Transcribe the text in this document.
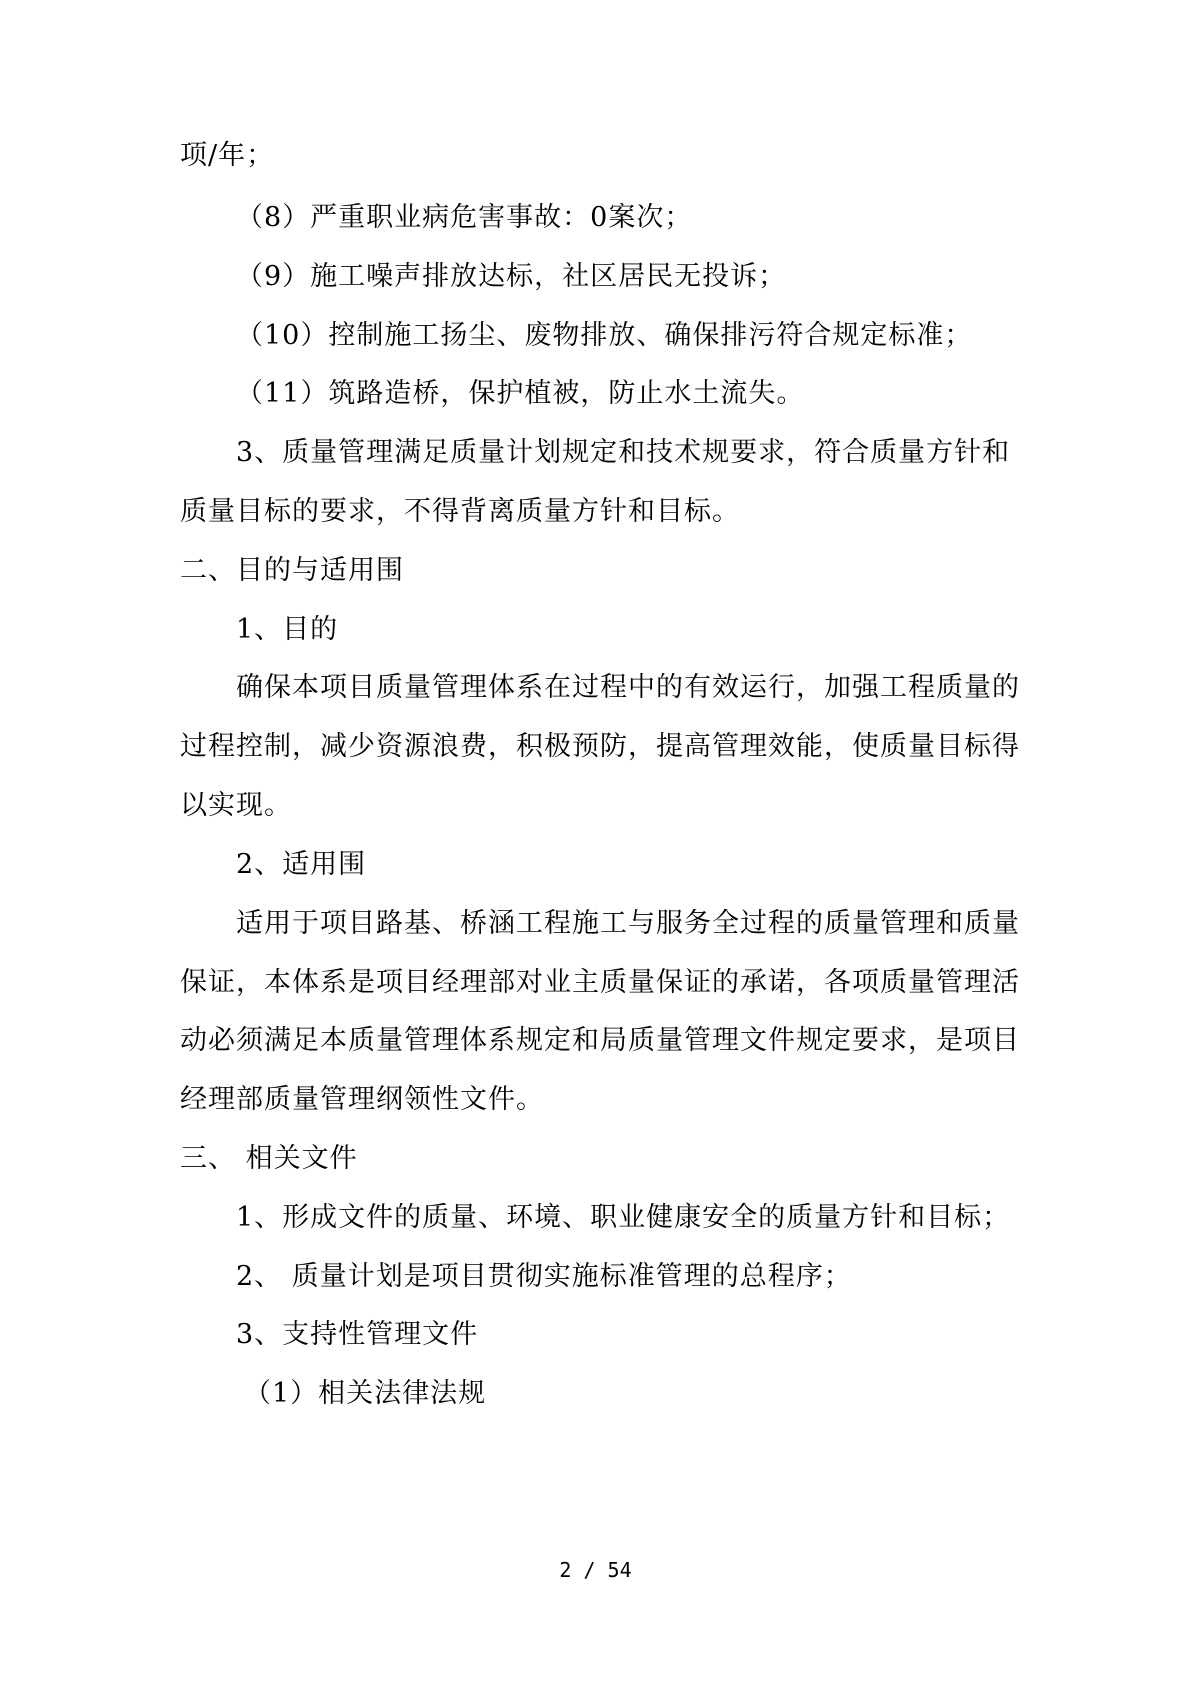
项/年；
（8）严重职业病危害事故：0案次；
（9）施工噪声排放达标，社区居民无投诉；
（10）控制施工扬尘、废物排放、确保排污符合规定标准；
（11）筑路造桥，保护植被，防止水土流失。
3、质量管理满足质量计划规定和技术规要求，符合质量方针和
质量目标的要求，不得背离质量方针和目标。
二、目的与适用围
1、目的
确保本项目质量管理体系在过程中的有效运行，加强工程质量的
过程控制，减少资源浪费，积极预防，提高管理效能，使质量目标得
以实现。
2、适用围
适用于项目路基、桥涵工程施工与服务全过程的质量管理和质量
保证，本体系是项目经理部对业主质量保证的承诺，各项质量管理活
动必须满足本质量管理体系规定和局质量管理文件规定要求，是项目
经理部质量管理纲领性文件。
三、 相关文件
1、形成文件的质量、环境、职业健康安全的质量方针和目标；
2、 质量计划是项目贯彻实施标准管理的总程序；
3、支持性管理文件
（1）相关法律法规
2 / 54
